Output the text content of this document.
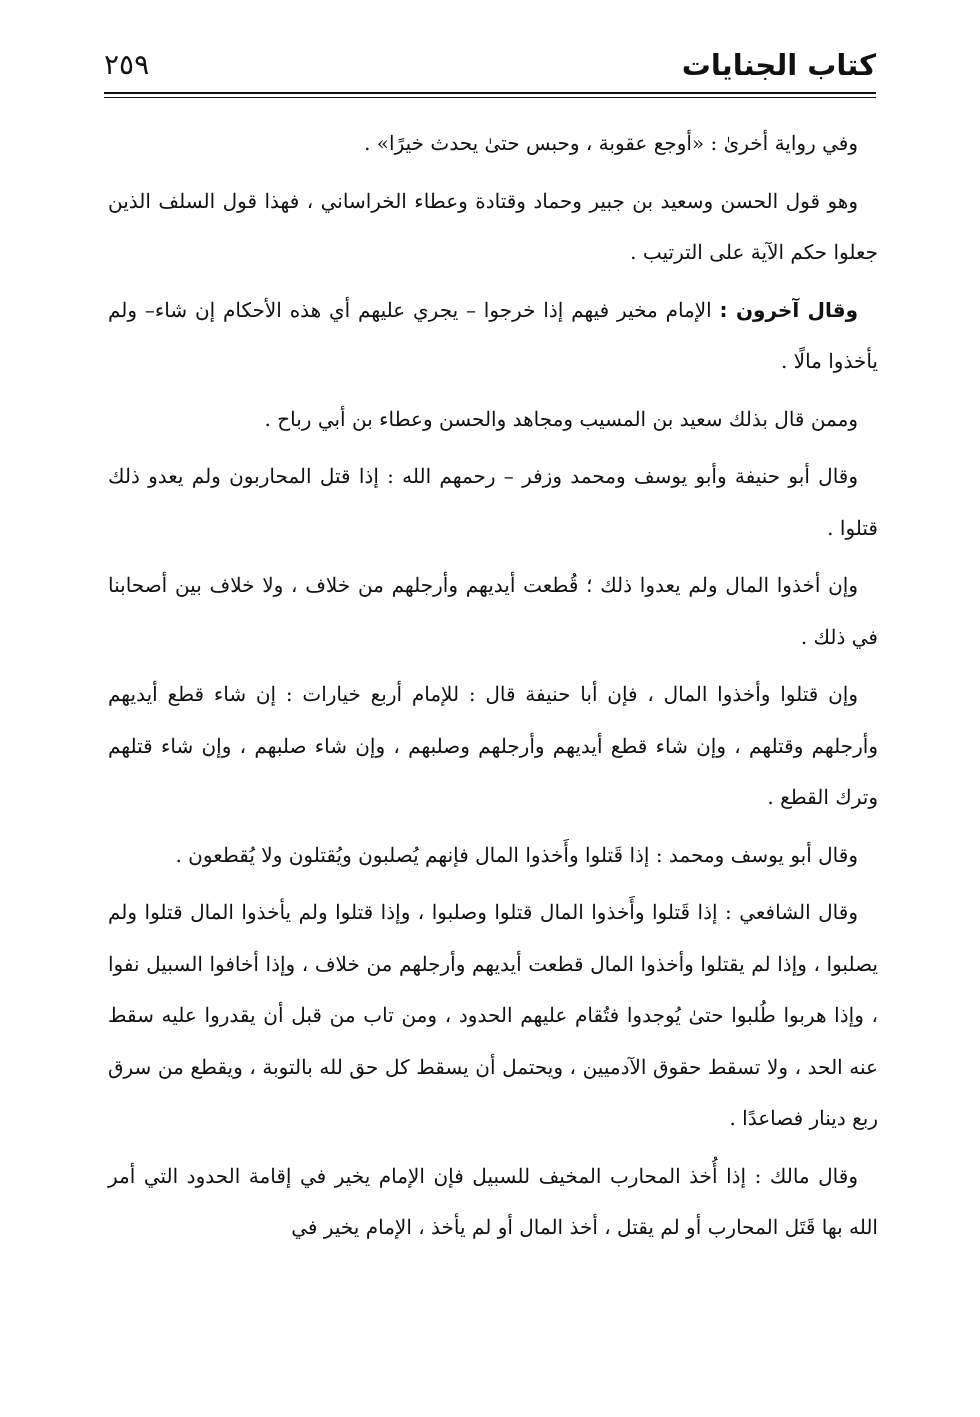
كتاب الجنايات
٢٥٩

وفي رواية أخرىٰ : «أوجع عقوبة ، وحبس حتىٰ يحدث خيرًا» .

وهو قول الحسن وسعيد بن جبير وحماد وقتادة وعطاء الخراساني ، فهذا قول السلف الذين جعلوا حكم الآية على الترتيب .

وقال آخرون : الإمام مخير فيهم إذا خرجوا – يجري عليهم أي هذه الأحكام إن شاء– ولم يأخذوا مالًا .

وممن قال بذلك سعيد بن المسيب ومجاهد والحسن وعطاء بن أبي رباح .

وقال أبو حنيفة وأبو يوسف ومحمد وزفر – رحمهم الله : إذا قتل المحاربون ولم يعدو ذلك قتلوا .

وإن أخذوا المال ولم يعدوا ذلك ؛ قُطعت أيديهم وأرجلهم من خلاف ، ولا خلاف بين أصحابنا في ذلك .

وإن قتلوا وأخذوا المال ، فإن أبا حنيفة قال : للإمام أربع خيارات : إن شاء قطع أيديهم وأرجلهم وقتلهم ، وإن شاء قطع أيديهم وأرجلهم وصلبهم ، وإن شاء صلبهم ، وإن شاء قتلهم وترك القطع .

وقال أبو يوسف ومحمد : إذا قَتلوا وأَخذوا المال فإنهم يُصلبون ويُقتلون ولا يُقطعون .

وقال الشافعي : إذا قَتلوا وأَخذوا المال قتلوا وصلبوا ، وإذا قتلوا ولم يأخذوا المال قتلوا ولم يصلبوا ، وإذا لم يقتلوا وأخذوا المال قطعت أيديهم وأرجلهم من خلاف ، وإذا أخافوا السبيل نفوا ، وإذا هربوا طُلبوا حتىٰ يُوجدوا فتُقام عليهم الحدود ، ومن تاب من قبل أن يقدروا عليه سقط عنه الحد ، ولا تسقط حقوق الآدميين ، ويحتمل أن يسقط كل حق لله بالتوبة ، ويقطع من سرق ربع دينار فصاعدًا .

وقال مالك : إذا أُخذ المحارب المخيف للسبيل فإن الإمام يخير في إقامة الحدود التي أمر الله بها قَتَل المحارب أو لم يقتل ، أخذ المال أو لم يأخذ ، الإمام يخير في
